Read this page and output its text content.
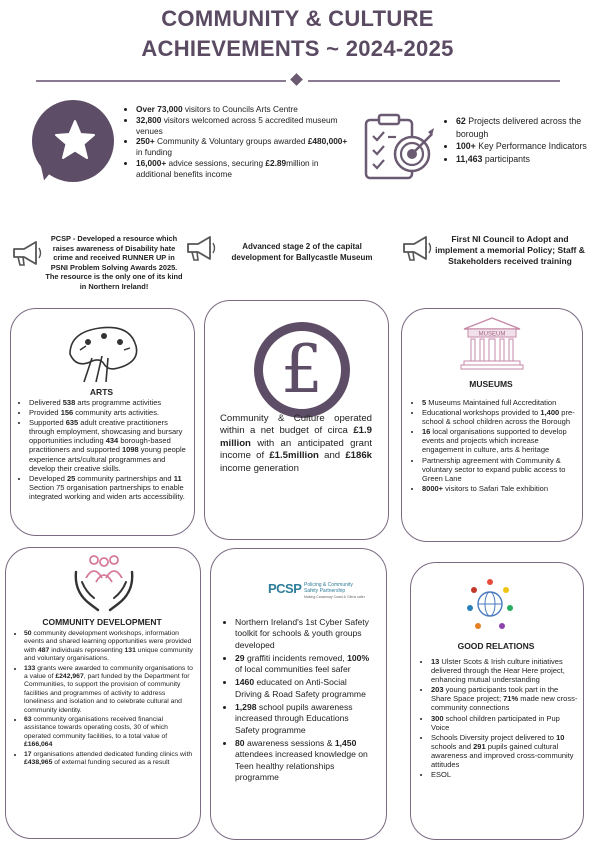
COMMUNITY & CULTURE
ACHIEVEMENTS ~ 2024-2025
• Over 73,000 visitors to Councils Arts Centre
• 32,800 visitors welcomed across 5 accredited museum venues
• 250+ Community & Voluntary groups awarded £480,000+ in funding
• 16,000+ advice sessions, securing £2.89million in additional benefits income
• 62 Projects delivered across the borough
• 100+ Key Performance Indicators
• 11,463 participants
PCSP - Developed a resource which raises awareness of Disability hate crime and received RUNNER UP in PSNI Problem Solving Awards 2025. The resource is the only one of its kind in Northern Ireland!
Advanced stage 2 of the capital development for Ballycastle Museum
First NI Council to Adopt and implement a memorial Policy; Staff & Stakeholders received training
ARTS
• Delivered 538 arts programme activities
• Provided 156 community arts activities.
• Supported 635 adult creative practitioners through employment, showcasing and bursary opportunities including 434 borough-based practitioners and supported 1098 young people experience arts/cultural programmes and develop their creative skills.
• Developed 25 community partnerships and 11 Section 75 organisation partnerships to enable integrated working and widen arts accessibility.
£
Community & Culture operated within a net budget of circa £1.9 million with an anticipated grant income of £1.5million and £186k income generation
MUSEUM
MUSEUMS
• 5 Museums Maintained full Accreditation
• Educational workshops provided to 1,400 pre-school & school children across the Borough
• 16 local organisations supported to develop events and projects which increase engagement in culture, arts & heritage
• Partnership agreement with Community & voluntary sector to expand public access to Green Lane
• 8000+ visitors to Safari Tale exhibition
COMMUNITY DEVELOPMENT
• 50 community development workshops, information events and shared learning opportunities were provided with 487 individuals representing 131 unique community and voluntary organisations.
• 133 grants were awarded to community organisations to a value of £242,967, part funded by the Department for Communities, to support the provision of community facilities and programmes of activity to address loneliness and isolation and to celebrate cultural and community identity.
• 63 community organisations received financial assistance towards operating costs, 30 of which operated community facilities, to a total value of £166,064
• 17 organisations attended dedicated funding clinics with £438,965 of external funding secured as a result
PCSP Policing & Community
Safety Partnership
Making Causeway Coast & Glens safer
• Northern Ireland's 1st Cyber Safety toolkit for schools & youth groups developed
• 29 graffiti incidents removed, 100% of local communities feel safer
• 1460 educated on Anti-Social Driving & Road Safety programme
• 1,298 school pupils awareness increased through Educations Safety programme
• 80 awareness sessions & 1,450 attendees increased knowledge on Teen healthy relationships programme
GOOD RELATIONS
• 13 Ulster Scots & Irish culture initiatives delivered through the Hear Here project, enhancing mutual understanding
• 203 young participants took part in the Share Space project; 71% made new cross-community connections
• 300 school children participated in Pup Voice
• Schools Diversity project delivered to 10 schools and 291 pupils gained cultural awareness and improved cross-community attitudes
• ESOL
